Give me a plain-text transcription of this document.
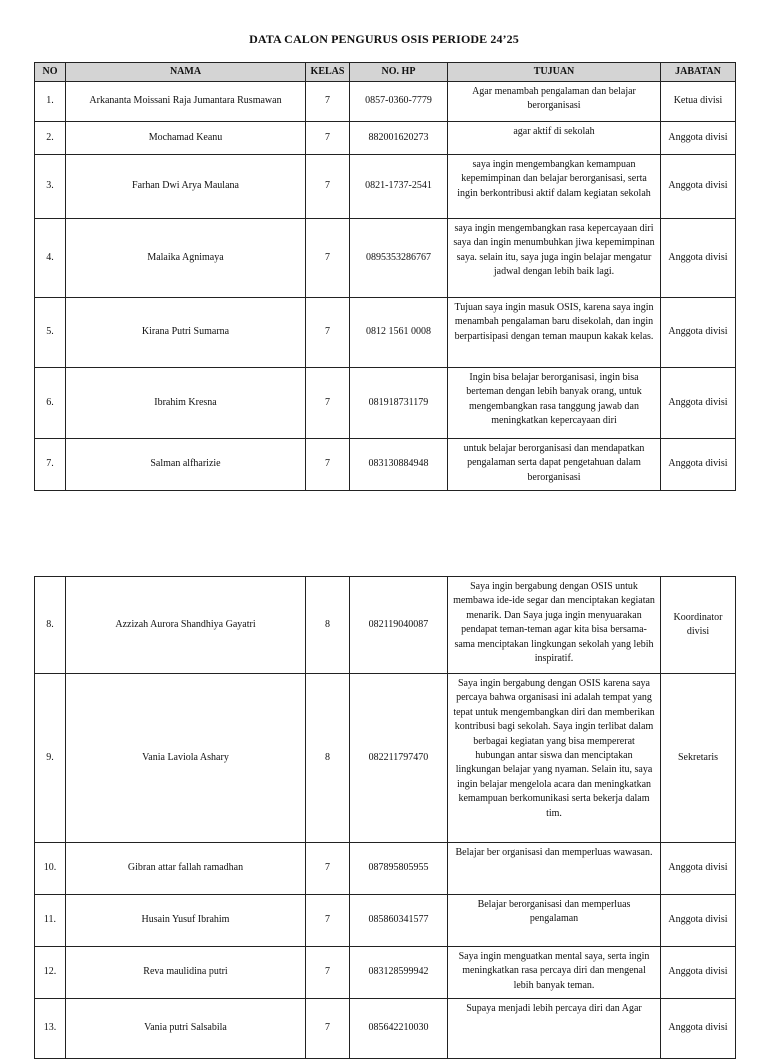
DATA CALON PENGURUS OSIS PERIODE 24’25
NO	NAMA	KELAS	NO. HP	TUJUAN	JABATAN
1.	Arkananta Moissani Raja Jumantara Rusmawan	7	0857-0360-7779	Agar menambah pengalaman dan belajar berorganisasi	Ketua divisi
2.	Mochamad Keanu	7	882001620273	agar aktif di sekolah	Anggota divisi
3.	Farhan Dwi Arya Maulana	7	0821-1737-2541	saya ingin mengembangkan kemampuan kepemimpinan dan belajar berorganisasi, serta ingin berkontribusi aktif dalam kegiatan sekolah	Anggota divisi
4.	Malaika Agnimaya	7	0895353286767	saya ingin mengembangkan rasa kepercayaan diri saya dan ingin menumbuhkan jiwa kepemimpinan saya. selain itu, saya juga ingin belajar mengatur jadwal dengan lebih baik lagi.	Anggota divisi
5.	Kirana Putri Sumarna	7	0812 1561 0008	Tujuan saya ingin masuk OSIS, karena saya ingin menambah pengalaman baru disekolah, dan ingin berpartisipasi dengan teman maupun kakak kelas.	Anggota divisi
6.	Ibrahim Kresna	7	081918731179	Ingin bisa belajar berorganisasi, ingin bisa berteman dengan lebih banyak orang, untuk mengembangkan rasa tanggung jawab dan meningkatkan kepercayaan diri	Anggota divisi
7.	Salman alfharizie	7	083130884948	untuk belajar berorganisasi dan mendapatkan pengalaman serta dapat pengetahuan dalam berorganisasi	Anggota divisi
8.	Azzizah Aurora Shandhiya Gayatri	8	082119040087	Saya ingin bergabung dengan OSIS untuk membawa ide-ide segar dan menciptakan kegiatan menarik. Dan Saya juga ingin menyuarakan pendapat teman-teman agar kita bisa bersama-sama menciptakan lingkungan sekolah yang lebih inspiratif.	Koordinator divisi
9.	Vania Laviola Ashary	8	082211797470	Saya ingin bergabung dengan OSIS karena saya percaya bahwa organisasi ini adalah tempat yang tepat untuk mengembangkan diri dan memberikan kontribusi bagi sekolah. Saya ingin terlibat dalam berbagai kegiatan yang bisa mempererat hubungan antar siswa dan menciptakan lingkungan belajar yang nyaman. Selain itu, saya ingin belajar mengelola acara dan meningkatkan kemampuan berkomunikasi serta bekerja dalam tim.	Sekretaris
10.	Gibran attar fallah ramadhan	7	087895805955	Belajar ber organisasi dan memperluas wawasan.	Anggota divisi
11.	Husain Yusuf Ibrahim	7	085860341577	Belajar berorganisasi dan memperluas pengalaman	Anggota divisi
12.	Reva maulidina putri	7	083128599942	Saya ingin menguatkan mental saya, serta ingin meningkatkan rasa percaya diri dan mengenal lebih banyak teman.	Anggota divisi
13.	Vania putri Salsabila	7	085642210030	Supaya menjadi lebih percaya diri dan Agar	Anggota divisi
